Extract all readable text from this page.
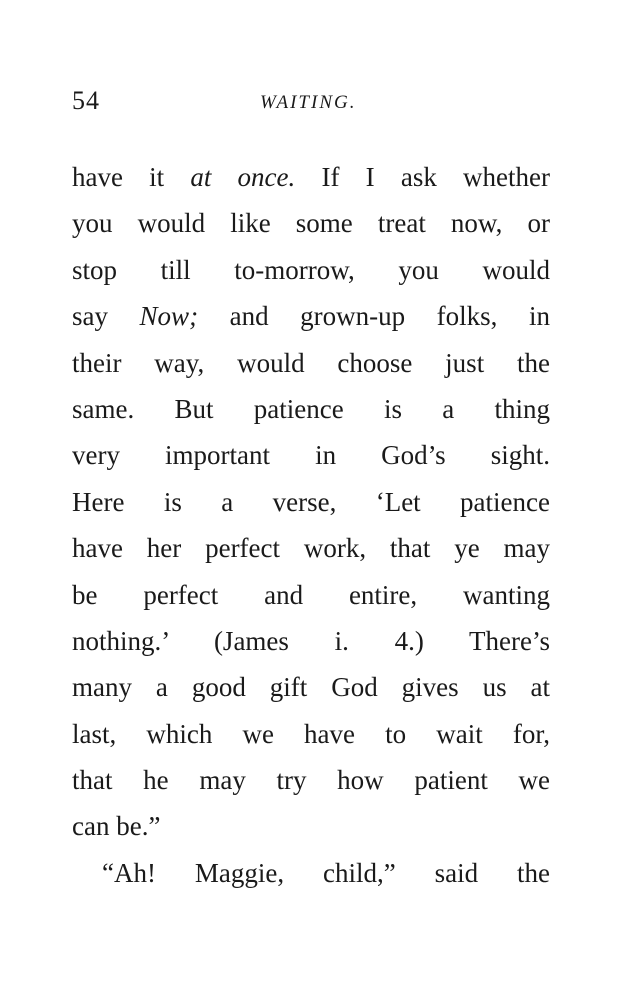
54	WAITING.
have it at once. If I ask whether
you would like some treat now, or
stop till to-morrow, you would
say Now; and grown-up folks, in
their way, would choose just the
same. But patience is a thing
very important in God’s sight.
Here is a verse, ‘Let patience
have her perfect work, that ye may
be perfect and entire, wanting
nothing.’ (James i. 4.) There’s
many a good gift God gives us at
last, which we have to wait for,
that he may try how patient we
can be.”
“Ah! Maggie, child,” said the
